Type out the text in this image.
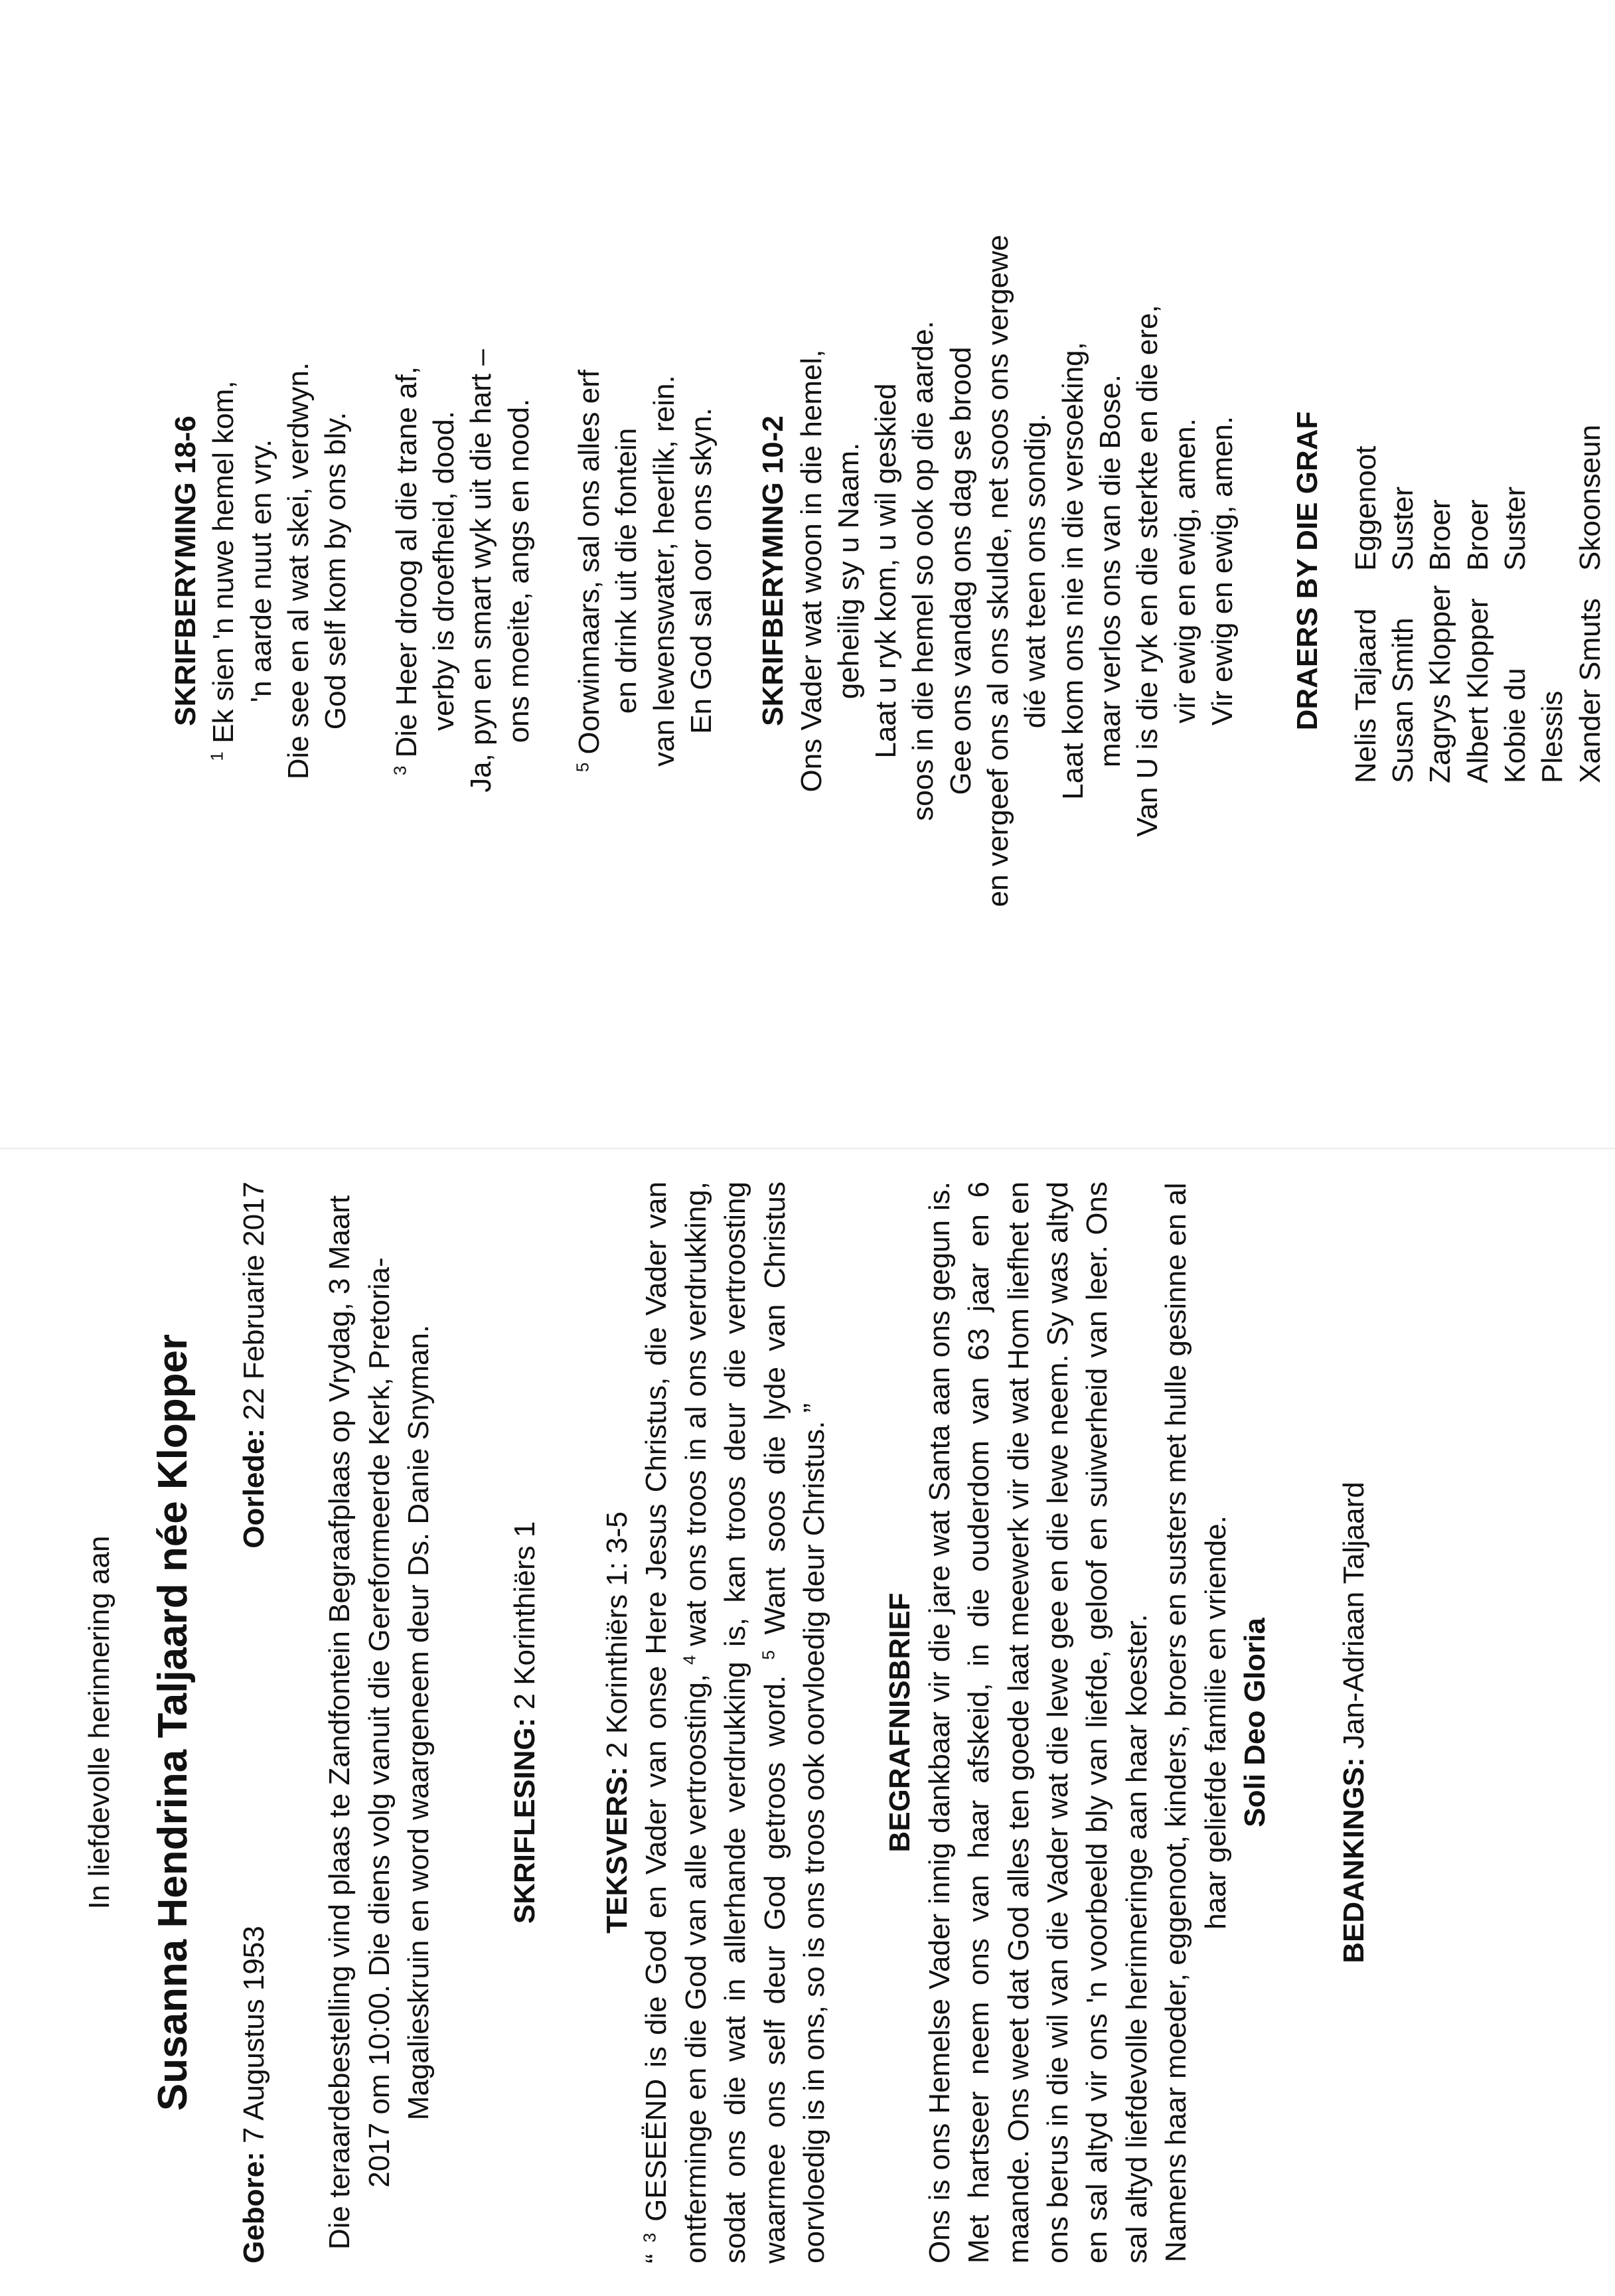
In liefdevolle herinnering aan Susanna Hendrina Taljaard née Klopper

Gebore: 7 Augustus 1953
Oorlede: 22 Februarie 2017 Die teraardebestelling vind plaas te Zandfontein Begraafplaas op Vrydag, 3 Maart 2017 om 10:00. Die diens volg vanuit die Gereformeerde Kerk, Pretoria-Magalieskruin en word waargeneem deur Ds. Danie Snyman.	SKRIFLESING: 2 Korinthiërs 1

TEKSVERS: 2 Korinthiërs 1: 3-5

“ $^3$ GESEËND is die God en Vader van onse Here Jesus Christus, die Vader van ontferminge en die God van alle vertroosting, $^4$ wat ons troos in al ons verdrukking, sodat ons die wat in allerhande verdrukking is, kan troos deur die vertroosting waarmee ons self deur God getroos word. $^5$ Want soos die lyde van Christus oorvloedig is in ons, so is ons troos ook oorvloedig deur Christus. ”

BEGRAFNISBRIEF Ons is ons Hemelse Vader innig dankbaar vir die jare wat Santa aan ons gegun is. Met hartseer neem ons van haar afskeid, in die ouderdom van 63 jaar en 6 maande. Ons weet dat God alles ten goede laat meewerk vir die wat Hom liefhet en ons berus in die wil van die Vader wat die lewe gee en die lewe neem. Sy was altyd en sal altyd vir ons 'n voorbeeld bly van liefde, geloof en suiwerheid van leer. Ons sal altyd liefdevolle herinneringe aan haar koester. Namens haar moeder, eggenoot, kinders, broers en susters met hulle gesinne en al haar geliefde familie en vriende. Soli Deo Gloria

BEDANKINGS: Jan-Adriaan Taljaard

SKRIFBERYMING 18-6

$^1$ Ek sien 'n nuwe hemel kom, 'n aarde nuut en vry. Die see en al wat skei, verdwyn. God self kom by ons bly.

$^3$ Die Heer droog al die trane af, verby is droefheid, dood. Ja, pyn en smart wyk uit die hart – ons moeite, angs en nood.

$^5$ Oorwinnaars, sal ons alles erf en drink uit die fontein van lewenswater, heerlik, rein. En God sal oor ons skyn. SKRIFBERYMING 10-2 Ons Vader wat woon in die hemel, geheilig sy u Naam. Laat u ryk kom, u wil geskied soos in die hemel so ook op die aarde. Gee ons vandag ons dag se brood en vergeef ons al ons skulde, net soos ons vergewe dié wat teen ons sondig. Laat kom ons nie in die versoeking, maar verlos ons van die Bose. Van U is die ryk en die sterkte en die ere, vir ewig en ewig, amen. Vir ewig en ewig, amen. DRAERS BY DIE GRAF Nelis Taljaard
Eggenoot
Susan Smith
Suster
Zagrys Klopper
Broer
Albert Klopper
Broer
Kobie du Plessis
Suster
Xander Smuts
Skoonseun
